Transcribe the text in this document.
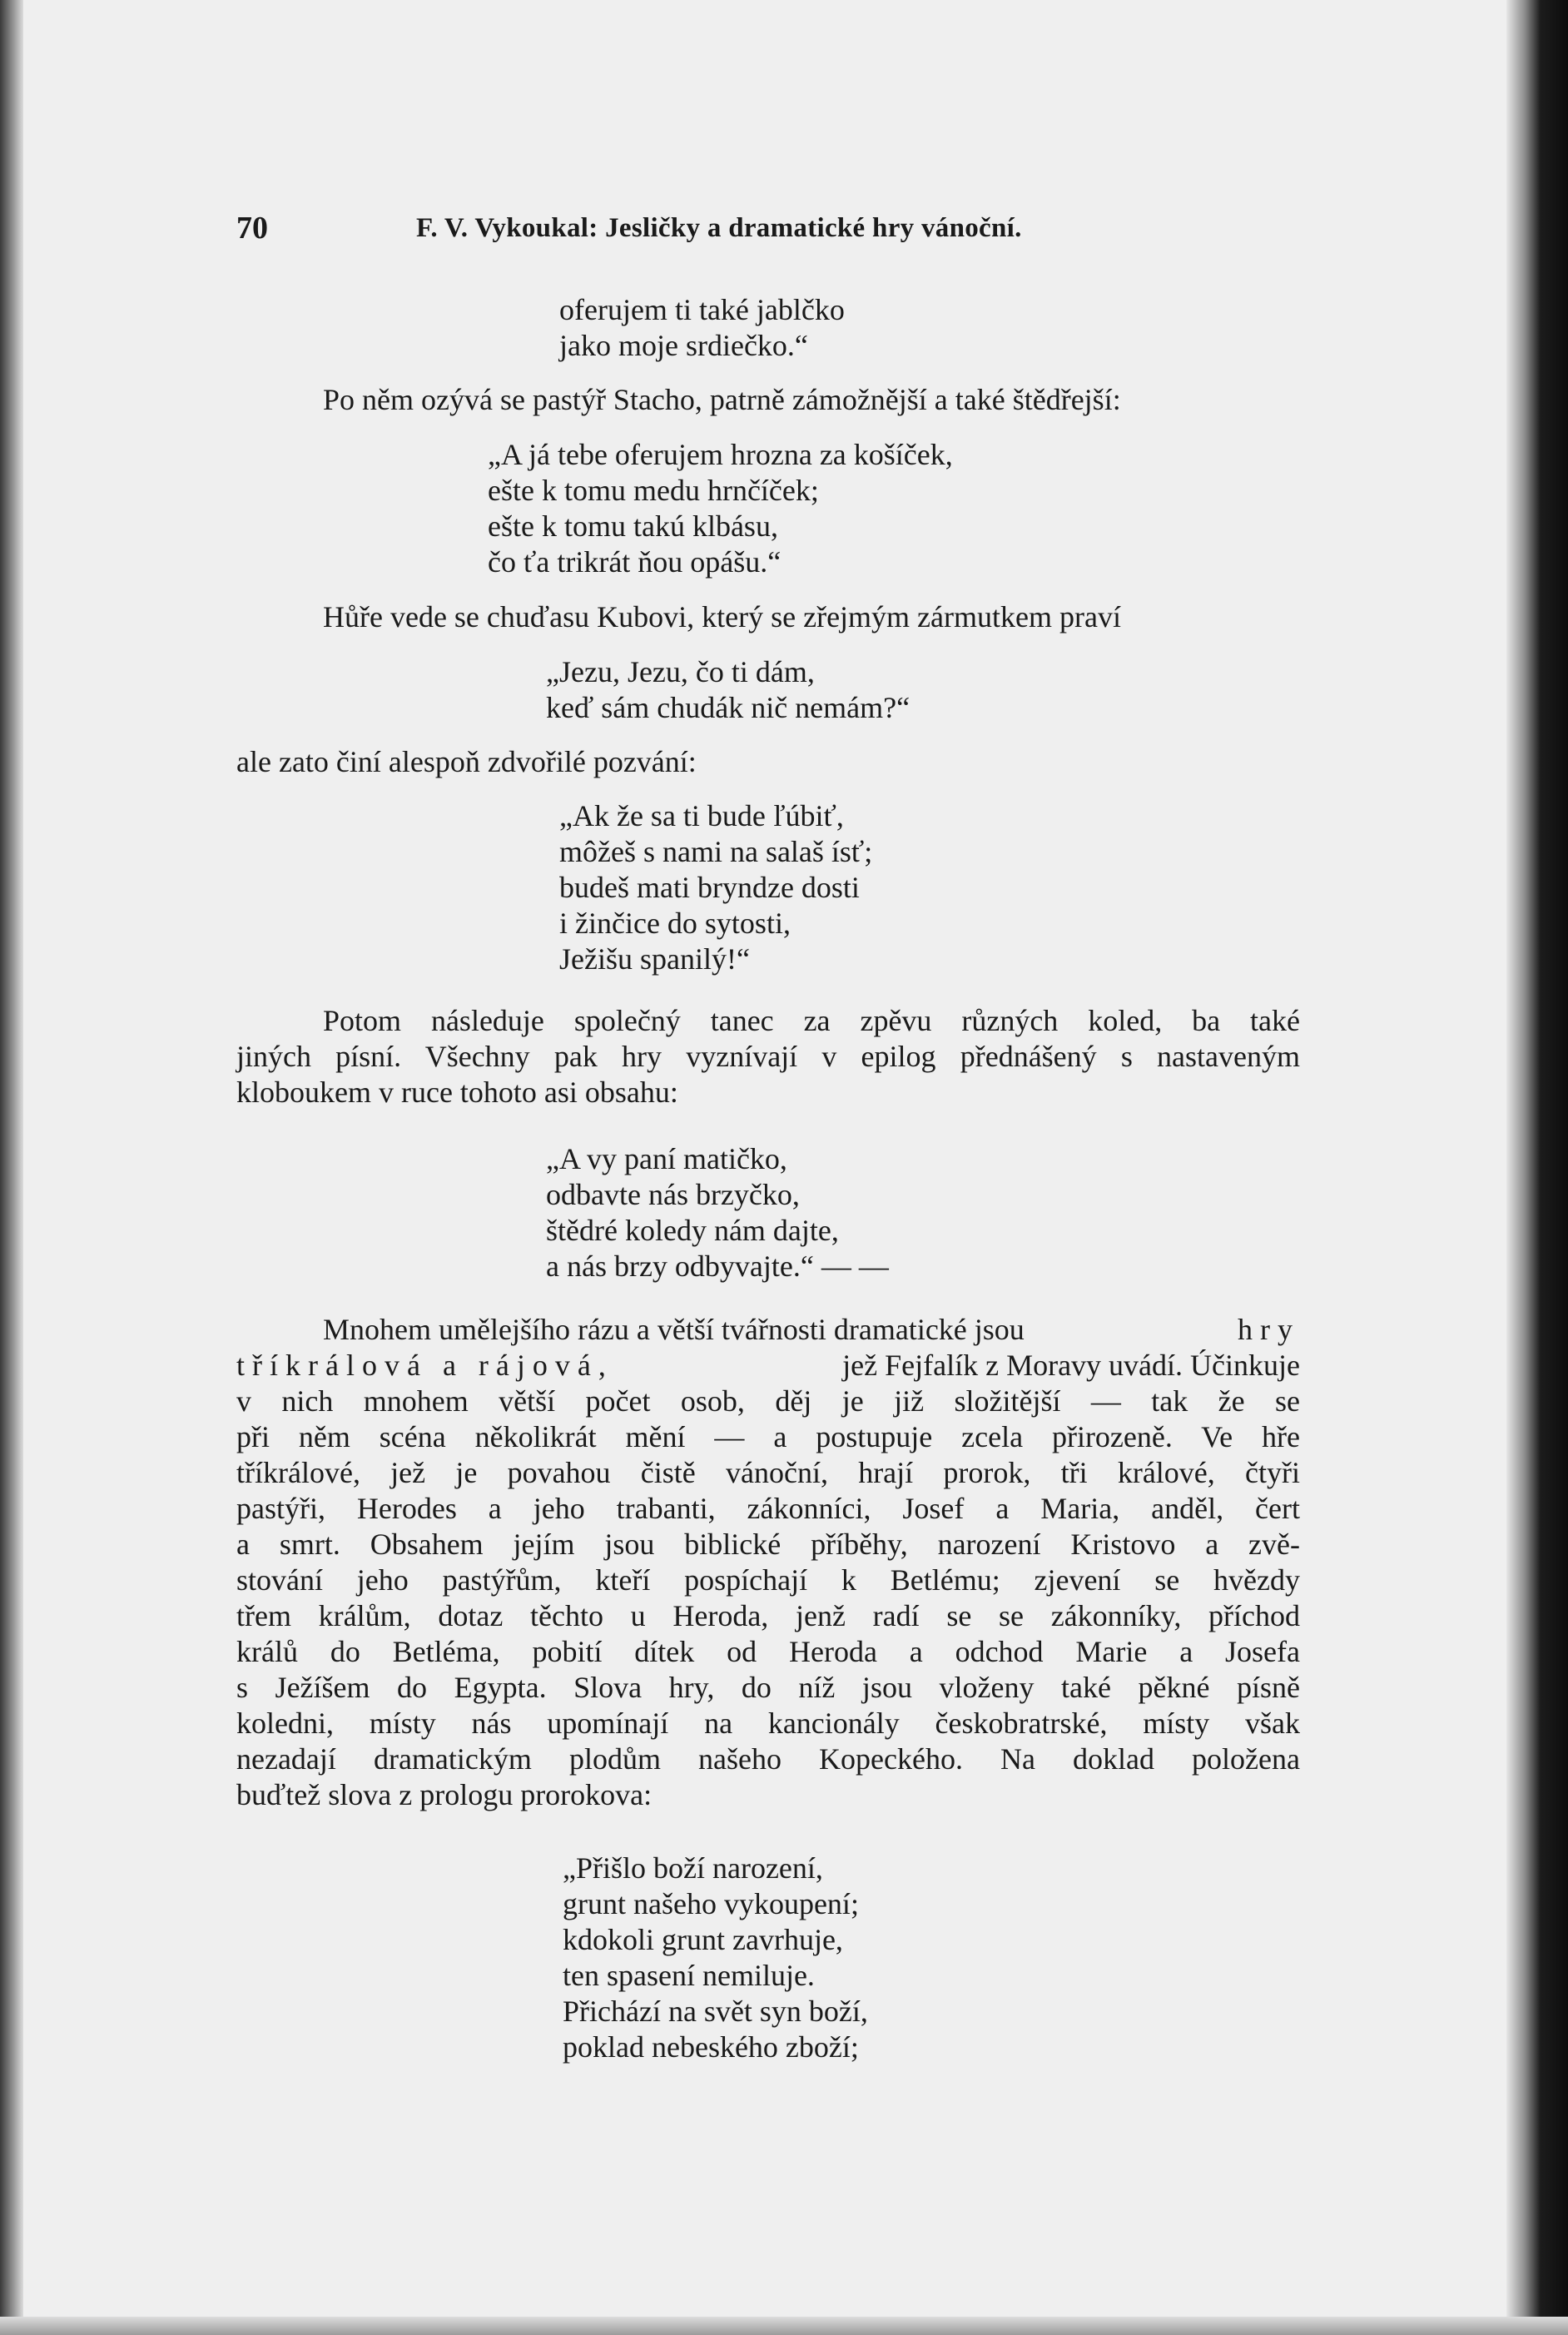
70	F. V. Vykoukal: Jesličky a dramatické hry vánoční.
oferujem ti také jablčko
jako moje srdiečko.“
Po něm ozývá se pastýř Stacho, patrně zámožnější a také štědřejší:
„A já tebe oferujem hrozna za košíček,
ešte k tomu medu hrnčíček;
ešte k tomu takú klbásu,
čo ťa trikrát ňou opášu.“
Hůře vede se chuďasu Kubovi, který se zřejmým zármutkem praví
„Jezu, Jezu, čo ti dám,
keď sám chudák nič nemám?“
ale zato činí alespoň zdvořilé pozvání:
„Ak že sa ti bude ľúbiť,
môžeš s nami na salaš ísť;
budeš mati bryndze dosti
i žinčice do sytosti,
Ježišu spanilý!“
Potom následuje společný tanec za zpěvu různých koled, ba také
jiných písní. Všechny pak hry vyznívají v epilog přednášený s nastaveným
kloboukem v ruce tohoto asi obsahu:
„A vy paní matičko,
odbavte nás brzyčko,
štědré koledy nám dajte,
a nás brzy odbyvajte.“ — —
Mnohem umělejšího rázu a větší tvářnosti dramatické jsou	hry
tříkrálová a rájová,	jež Fejfalík z Moravy uvádí. Účinkuje
v nich mnohem větší počet osob, děj je již složitější — tak že se
při něm scéna několikrát mění — a postupuje zcela přirozeně. Ve hře
tříkrálové, jež je povahou čistě vánoční, hrají prorok, tři králové, čtyři
pastýři, Herodes a jeho trabanti, zákonníci, Josef a Maria, anděl, čert
a smrt. Obsahem jejím jsou biblické příběhy, narození Kristovo a zvě-
stování jeho pastýřům, kteří pospíchají k Betlému; zjevení se hvězdy
třem králům, dotaz těchto u Heroda, jenž radí se se zákonníky, příchod
králů do Betléma, pobití dítek od Heroda a odchod Marie a Josefa
s Ježíšem do Egypta. Slova hry, do níž jsou vloženy také pěkné písně
koledni, místy nás upomínají na kancionály českobratrské, místy však
nezadají dramatickým plodům našeho Kopeckého. Na doklad položena
buďtež slova z prologu prorokova:
„Přišlo boží narození,
grunt našeho vykoupení;
kdokoli grunt zavrhuje,
ten spasení nemiluje.
Přichází na svět syn boží,
poklad nebeského zboží;
